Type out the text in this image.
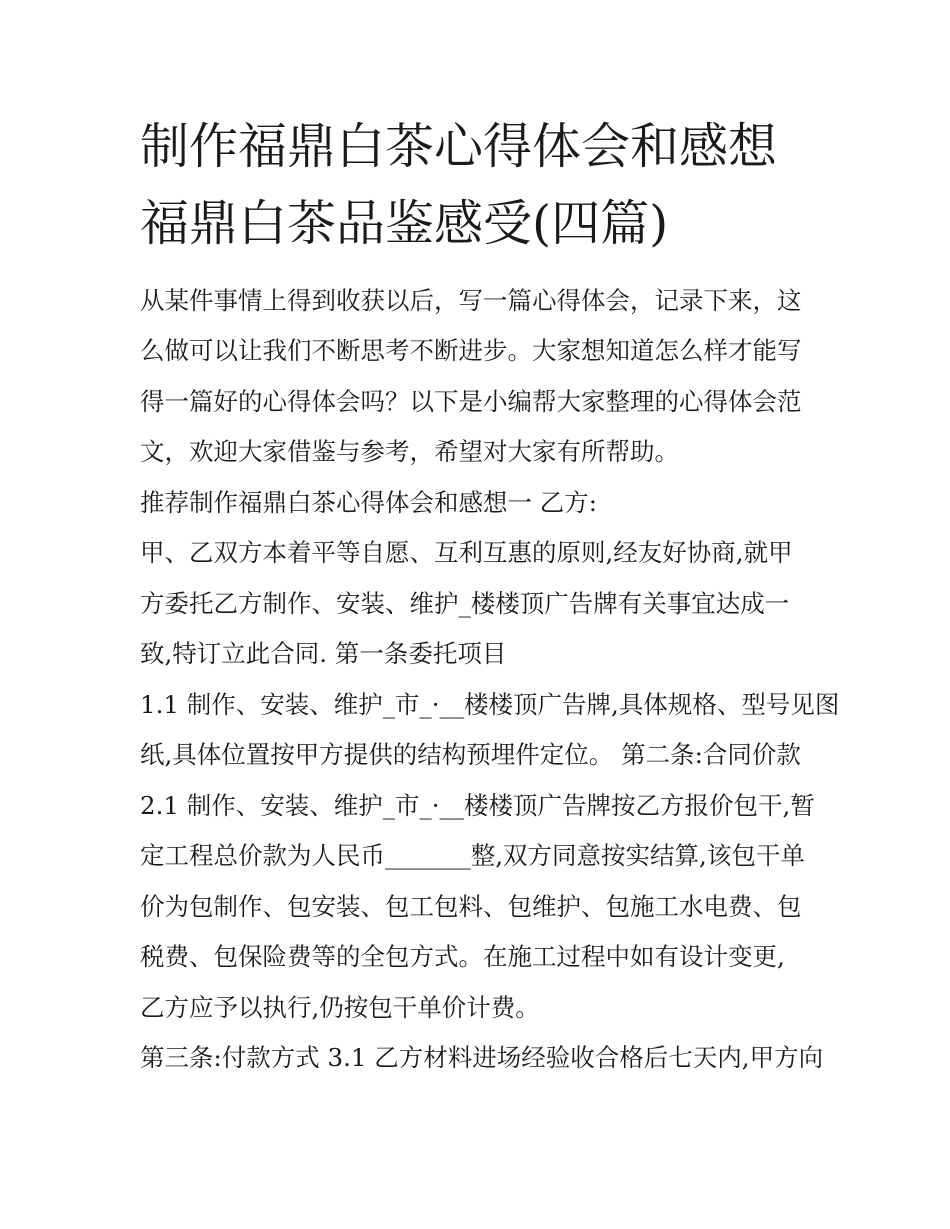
制作福鼎白茶心得体会和感想
福鼎白茶品鉴感受(四篇)

从某件事情上得到收获以后，写一篇心得体会，记录下来，这

么做可以让我们不断思考不断进步。大家想知道怎么样才能写

得一篇好的心得体会吗？以下是小编帮大家整理的心得体会范

文，欢迎大家借鉴与参考，希望对大家有所帮助。

推荐制作福鼎白茶心得体会和感想一 乙方:

甲、乙双方本着平等自愿、互利互惠的原则,经友好协商,就甲

方委托乙方制作、安装、维护_楼楼顶广告牌有关事宜达成一

致,特订立此合同. 第一条委托项目

1.1 制作、安装、维护_市_·__楼楼顶广告牌,具体规格、型号见图

纸,具体位置按甲方提供的结构预埋件定位。 第二条:合同价款

2.1 制作、安装、维护_市_·__楼楼顶广告牌按乙方报价包干,暂

定工程总价款为人民币_______整,双方同意按实结算,该包干单

价为包制作、包安装、包工包料、包维护、包施工水电费、包

税费、包保险费等的全包方式。在施工过程中如有设计变更,

乙方应予以执行,仍按包干单价计费。

第三条:付款方式 3.1 乙方材料进场经验收合格后七天内,甲方向
